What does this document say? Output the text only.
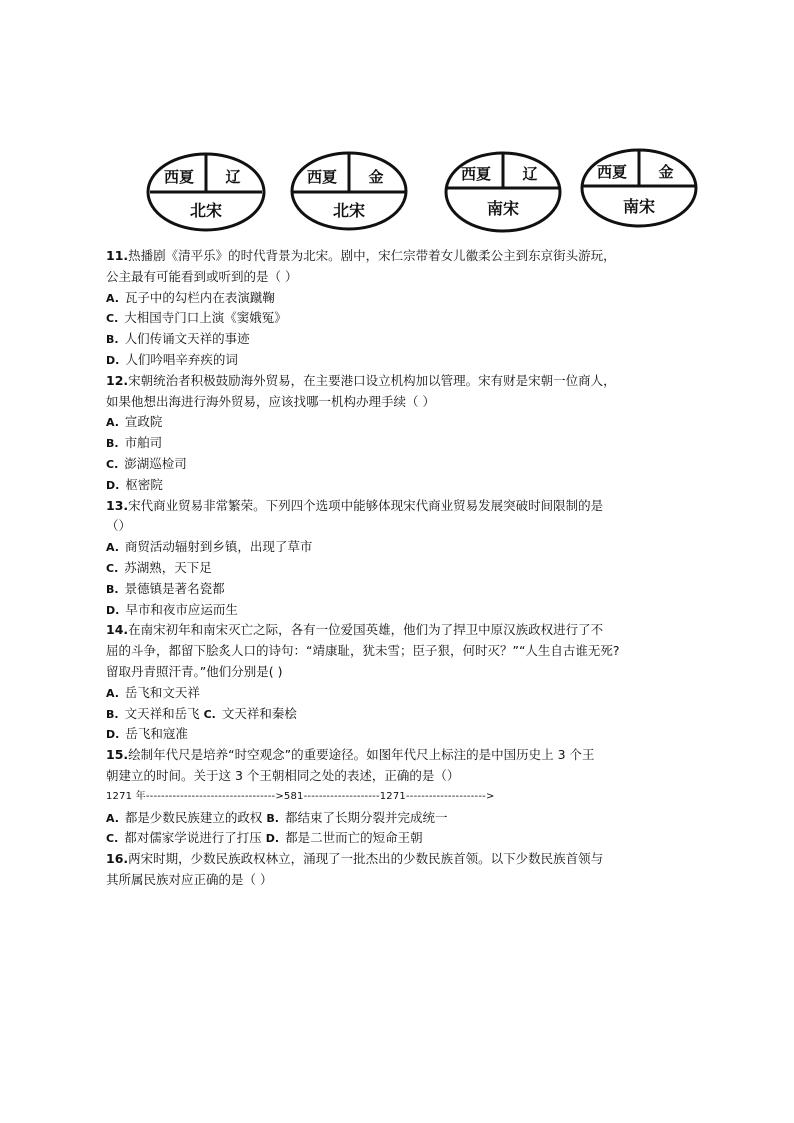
西夏 辽
北宋
西夏 金
北宋
西夏 辽
南宋
西夏 金
南宋
11.热播剧《清平乐》的时代背景为北宋。剧中，宋仁宗带着女儿徽柔公主到东京街头游玩，
公主最有可能看到或听到的是（ ）
A. 瓦子中的勾栏内在表演蹴鞠
C. 大相国寺门口上演《窦娥冤》
B. 人们传诵文天祥的事迹
D. 人们吟唱辛弃疾的词
12.宋朝统治者积极鼓励海外贸易，在主要港口设立机构加以管理。宋有财是宋朝一位商人，
如果他想出海进行海外贸易，应该找哪一机构办理手续（ ）
A. 宣政院
B. 市舶司
C. 澎湖巡检司
D. 枢密院
13.宋代商业贸易非常繁荣。下列四个选项中能够体现宋代商业贸易发展突破时间限制的是
（）
A. 商贸活动辐射到乡镇，出现了草市
C. 苏湖熟，天下足
B. 景德镇是著名瓷都
D. 早市和夜市应运而生
14.在南宋初年和南宋灭亡之际，各有一位爱国英雄，他们为了捍卫中原汉族政权进行了不
屈的斗争，都留下脍炙人口的诗句：“靖康耻，犹未雪；臣子狠，何时灭？”“人生自古谁无死?
留取丹青照汗青。”他们分别是( )
A. 岳飞和文天祥
B. 文天祥和岳飞 C. 文天祥和秦桧
D. 岳飞和寇准
15.绘制年代尺是培养“时空观念”的重要途径。如图年代尺上标注的是中国历史上 3 个王
朝建立的时间。关于这 3 个王朝相同之处的表述，正确的是（）
1271 年---------------------------------->581--------------------1271--------------------->
A. 都是少数民族建立的政权 B. 都结束了长期分裂并完成统一
C. 都对儒家学说进行了打压 D. 都是二世而亡的短命王朝
16.两宋时期，少数民族政权林立，涌现了一批杰出的少数民族首领。以下少数民族首领与
其所属民族对应正确的是（ ）
